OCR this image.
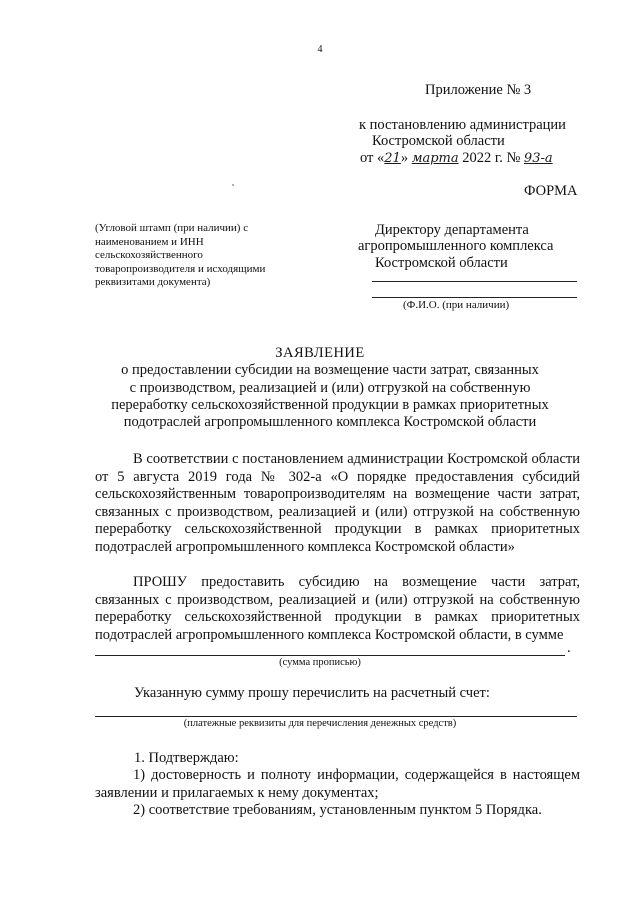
4
Приложение № 3
к постановлению администрации
Костромской области
от «21» марта 2022 г. № 93-а
ФОРМА
(Угловой штамп (при наличии) с наименованием и ИНН сельскохозяйственного товаропроизводителя и исходящими реквизитами документа)
Директору департамента
агропромышленного комплекса
Костромской области
(Ф.И.О. (при наличии)
ЗАЯВЛЕНИЕ
о предоставлении субсидии на возмещение части затрат, связанных
с производством, реализацией и (или) отгрузкой на собственную
переработку сельскохозяйственной продукции в рамках приоритетных
подотраслей агропромышленного комплекса Костромской области
В соответствии с постановлением администрации Костромской области от 5 августа 2019 года № 302-а «О порядке предоставления субсидий сельскохозяйственным товаропроизводителям на возмещение части затрат, связанных с производством, реализацией и (или) отгрузкой на собственную переработку сельскохозяйственной продукции в рамках приоритетных подотраслей агропромышленного комплекса Костромской области»
ПРОШУ предоставить субсидию на возмещение части затрат, связанных с производством, реализацией и (или) отгрузкой на собственную переработку сельскохозяйственной продукции в рамках приоритетных подотраслей агропромышленного комплекса Костромской области, в сумме
.
(сумма прописью)
Указанную сумму прошу перечислить на расчетный счет:
(платежные реквизиты для перечисления денежных средств)
1. Подтверждаю:
1) достоверность и полноту информации, содержащейся в настоящем заявлении и прилагаемых к нему документах;
2) соответствие требованиям, установленным пунктом 5 Порядка.
